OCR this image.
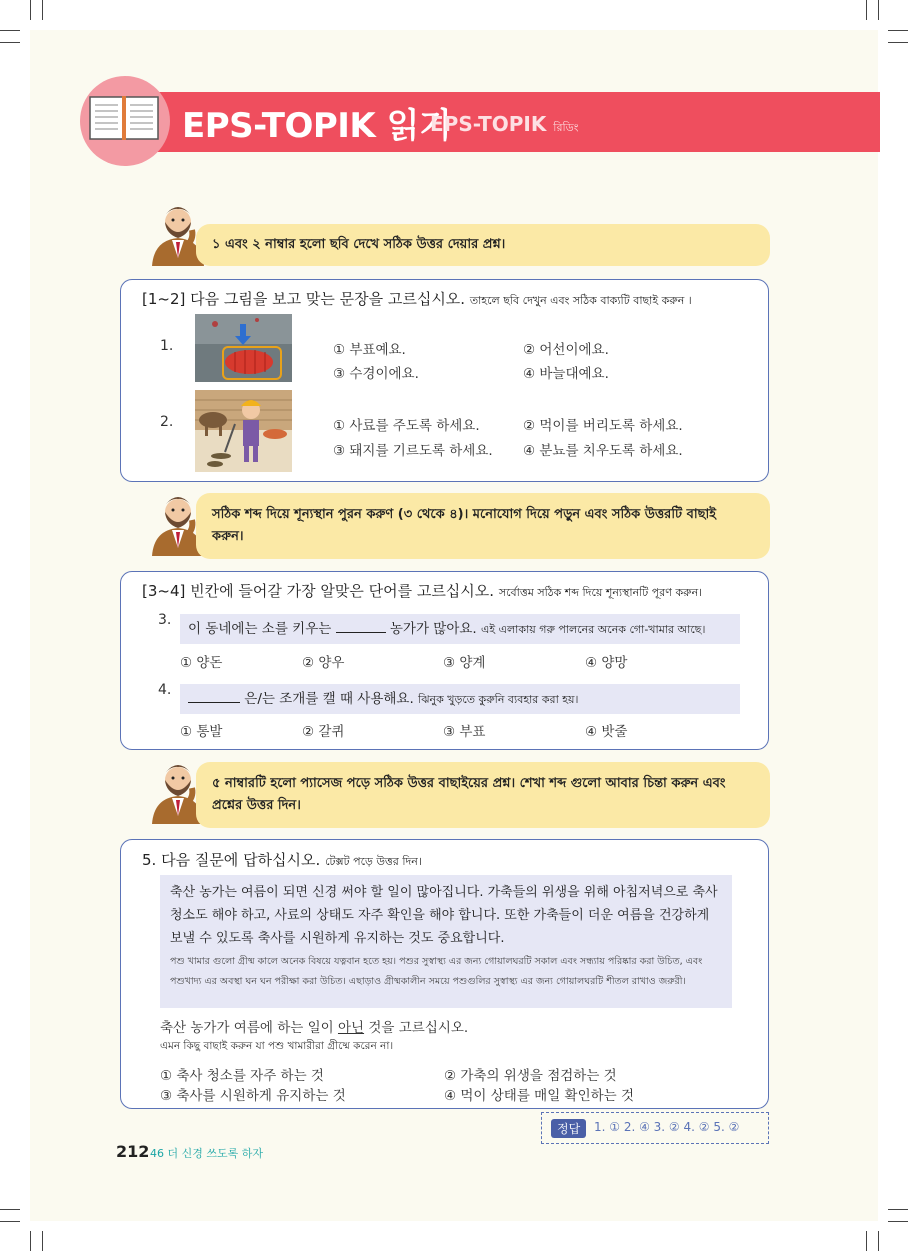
EPS-TOPIK 읽기
EPS-TOPIK রিডিং
১ এবং ২ নাম্বার হলো ছবি দেখে সঠিক উত্তর দেয়ার প্রশ্ন।
সঠিক শব্দ দিয়ে শূন্যস্থান পুরন করুণ (৩ থেকে ৪)। মনোযোগ দিয়ে পড়ুন এবং সঠিক উত্তরটি বাছাই করুন।
৫ নাম্বারটি হলো প্যাসেজ পড়ে সঠিক উত্তর বাছাইয়ের প্রশ্ন। শেখা শব্দ গুলো আবার চিন্তা করুন এবং প্রশ্নের উত্তর দিন।
[1~2] 다음 그림을 보고 맞는 문장을 고르십시오. তাহলে ছবি দেখুন এবং সঠিক বাক্যটি বাছাই করুন ।
1.	① 부표예요.	② 어선이에요.
③ 수경이에요.	④ 바늘대예요.
2.	① 사료를 주도록 하세요.	② 먹이를 버리도록 하세요.
③ 돼지를 기르도록 하세요. ④ 분뇨를 치우도록 하세요.
[3~4] 빈칸에 들어갈 가장 알맞은 단어를 고르십시오. সর্বোত্তম সঠিক শব্দ দিয়ে শূন্যস্থানটি পূরণ করুন।
3.
이 동네에는 소를 키우는	농가가 많아요. এই এলাকায় গরু পালনের অনেক গো-খামার আছে।
① 양돈	② 양우	③ 양계	④ 양망
4.
은/는 조개를 캘 때 사용해요. ঝিনুক খুড়তে কুরুনি ব্যবহার করা হয়।
① 통발	② 갈퀴	③ 부표	④ 밧줄
5. 다음 질문에 답하십시오. টেক্সট পড়ে উত্তর দিন।
축산 농가는 여름이 되면 신경 써야 할 일이 많아집니다. 가축들의 위생을 위해 아침저녁으로 축사 청소도 해야 하고, 사료의 상태도 자주 확인을 해야 합니다. 또한 가축들이 더운 여름을 건강하게 보낼 수 있도록 축사를 시원하게 유지하는 것도 중요합니다.
পশু খামার গুলো গ্রীষ্ম কালে অনেক বিষয়ে যত্নবান হতে হয়। পশুর সুস্বাস্থ্য এর জন্য গোয়ালঘরটি সকাল এবং সন্ধ্যায় পরিষ্কার করা উচিত, এবং পশুখাদ্য এর অবস্থা ঘন ঘন পরীক্ষা করা উচিত। এছাড়াও গ্রীষ্মকালীন সময়ে পশুগুলির সুস্বাস্থ্য এর জন্য গোয়ালঘরটি শীতল রাখাও জরুরী।
축산 농가가 여름에 하는 일이 아닌 것을 고르십시오.
এমন কিছু বাছাই করুন যা পশু খামারীরা গ্রীষ্মে করেন না।
① 축사 청소를 자주 하는 것	② 가축의 위생을 점검하는 것
③ 축사를 시원하게 유지하는 것	④ 먹이 상태를 매일 확인하는 것
정답	1. ① 2. ④ 3. ② 4. ② 5. ②
212 46 더 신경 쓰도록 하자
